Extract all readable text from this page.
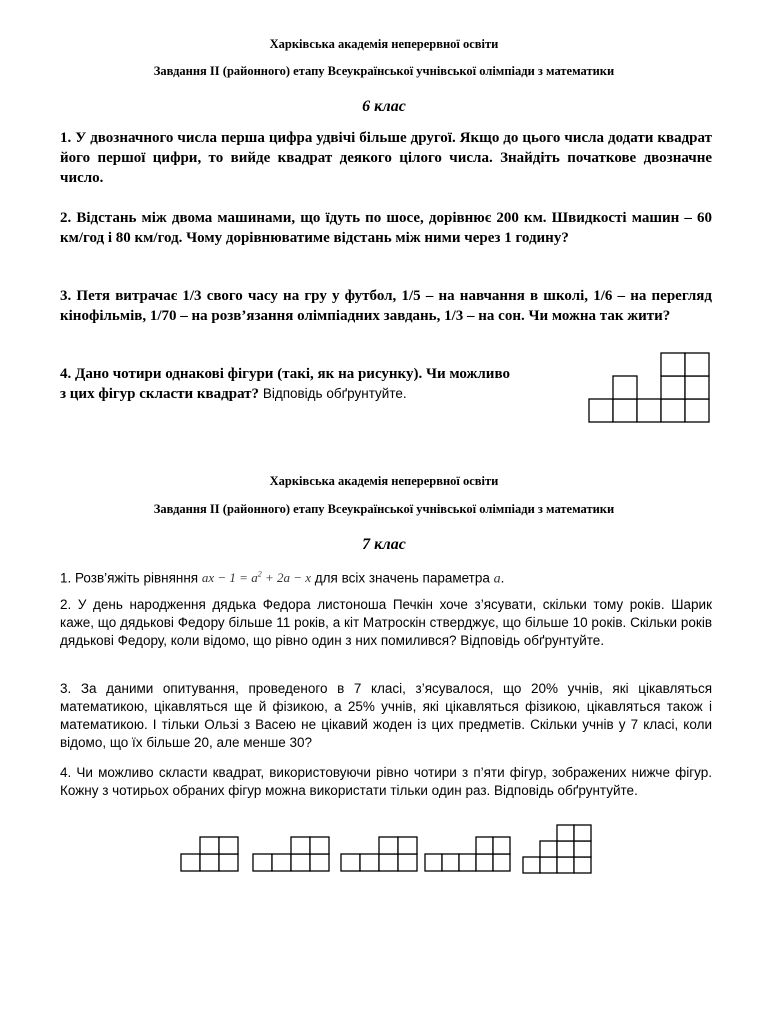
Харківська академія неперервної освіти
Завдання ІІ (районного) етапу Всеукраїнської учнівської олімпіади з математики
6 клас
1. У двозначного числа перша цифра удвічі більше другої. Якщо до цього числа додати квадрат його першої цифри, то вийде квадрат деякого цілого числа. Знайдіть початкове двозначне число.
2. Відстань між двома машинами, що їдуть по шосе, дорівнює 200 км. Швидкості машин – 60 км/год і 80 км/год. Чому дорівнюватиме відстань між ними через 1 годину?
3. Петя витрачає 1/3 свого часу на гру у футбол, 1/5 – на навчання в школі, 1/6 – на перегляд кінофільмів, 1/70 – на розв’язання олімпіадних завдань, 1/3 – на сон. Чи можна так жити?
4. Дано чотири однакові фігури (такі, як на рисунку). Чи можливо
з цих фігур скласти квадрат? Відповідь обґрунтуйте.
Харківська академія неперервної освіти
Завдання ІІ (районного) етапу Всеукраїнської учнівської олімпіади з математики
7 клас
1. Розв’яжіть рівняння ax − $1 = a^2 + 2a - x$ для всіх значень параметра a.
2. У день народження дядька Федора листоноша Печкін хоче з’ясувати, скільки тому років. Шарик каже, що дядькові Федору більше 11 років, а кіт Матроскін стверджує, що більше 10 років. Скільки років дядькові Федору, коли відомо, що рівно один з них помилився? Відповідь обґрунтуйте.
3. За даними опитування, проведеного в 7 класі, з’ясувалося, що 20% учнів, які цікавляться математикою, цікавляться ще й фізикою, а 25% учнів, які цікавляться фізикою, цікавляться також і математикою. І тільки Ользі з Васею не цікавий жоден із цих предметів. Скільки учнів у 7 класі, коли відомо, що їх більше 20, але менше 30?
4. Чи можливо скласти квадрат, використовуючи рівно чотири з п’яти фігур, зображених нижче фігур. Кожну з чотирьох обраних фігур можна використати тільки один раз. Відповідь обґрунтуйте.
